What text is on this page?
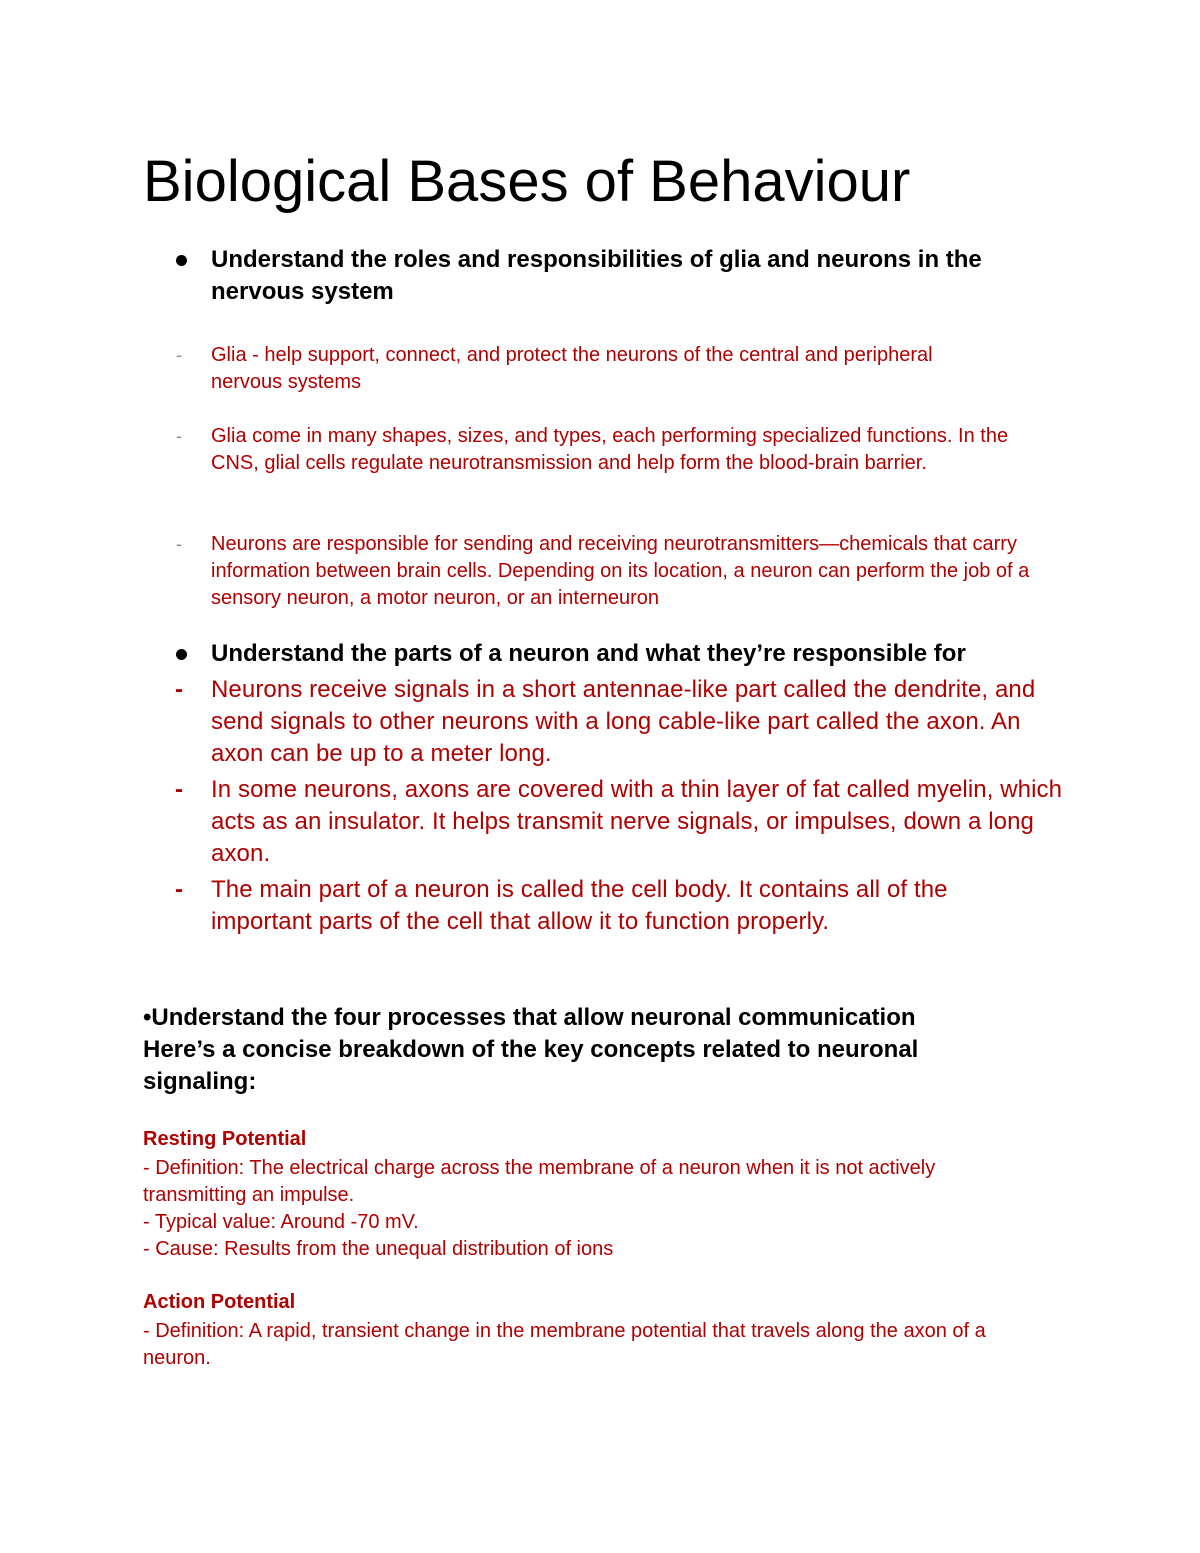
Biological Bases of Behaviour
Understand the roles and responsibilities of glia and neurons in the nervous system
- Glia - help support, connect, and protect the neurons of the central and peripheral nervous systems
- Glia come in many shapes, sizes, and types, each performing specialized functions. In the CNS, glial cells regulate neurotransmission and help form the blood-brain barrier.
- Neurons are responsible for sending and receiving neurotransmitters—chemicals that carry information between brain cells. Depending on its location, a neuron can perform the job of a sensory neuron, a motor neuron, or an interneuron
Understand the parts of a neuron and what they’re responsible for
- Neurons receive signals in a short antennae-like part called the dendrite, and send signals to other neurons with a long cable-like part called the axon. An axon can be up to a meter long.
- In some neurons, axons are covered with a thin layer of fat called myelin, which acts as an insulator. It helps transmit nerve signals, or impulses, down a long axon.
- The main part of a neuron is called the cell body. It contains all of the important parts of the cell that allow it to function properly.
•Understand the four processes that allow neuronal communication
Here’s a concise breakdown of the key concepts related to neuronal signaling:
Resting Potential
- Definition: The electrical charge across the membrane of a neuron when it is not actively transmitting an impulse.
- Typical value: Around -70 mV.
- Cause: Results from the unequal distribution of ions
Action Potential
- Definition: A rapid, transient change in the membrane potential that travels along the axon of a neuron.
